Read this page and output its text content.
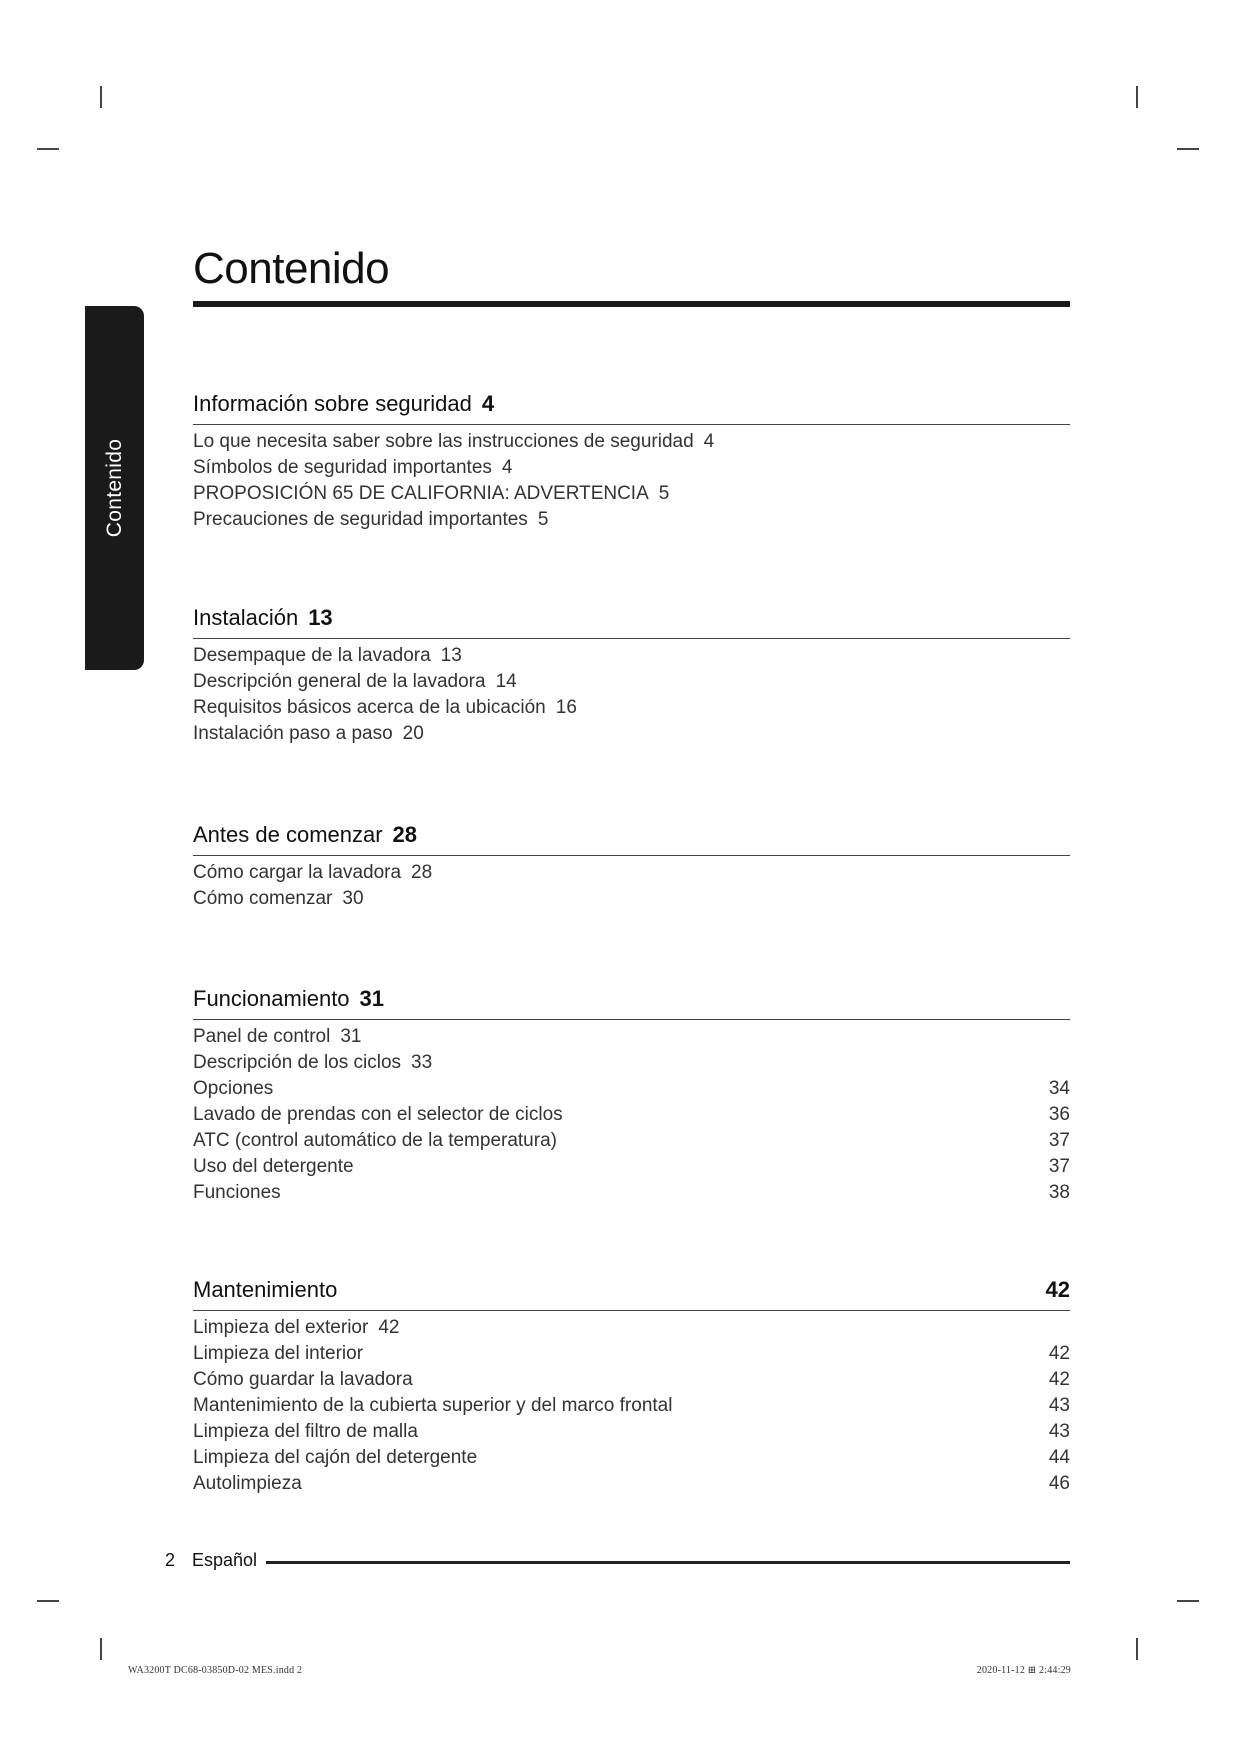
Contenido
Contenido
Información sobre seguridad 4
Lo que necesita saber sobre las instrucciones de seguridad 4
Símbolos de seguridad importantes 4
PROPOSICIÓN 65 DE CALIFORNIA: ADVERTENCIA 5
Precauciones de seguridad importantes 5
Instalación 13
Desempaque de la lavadora 13
Descripción general de la lavadora 14
Requisitos básicos acerca de la ubicación 16
Instalación paso a paso 20
Antes de comenzar 28
Cómo cargar la lavadora 28
Cómo comenzar 30
Funcionamiento 31
Panel de control 31
Descripción de los ciclos 33
Opciones	34
Lavado de prendas con el selector de ciclos	36
ATC (control automático de la temperatura)	37
Uso del detergente	37
Funciones	38
Mantenimiento	42
Limpieza del exterior 42
Limpieza del interior	42
Cómo guardar la lavadora	42
Mantenimiento de la cubierta superior y del marco frontal	43
Limpieza del filtro de malla	43
Limpieza del cajón del detergente	44
Autolimpieza	46
2 Español
WA3200T DC68-03850D-02 MES.indd 2	2020-11-12 ⊞ 2:44:29
